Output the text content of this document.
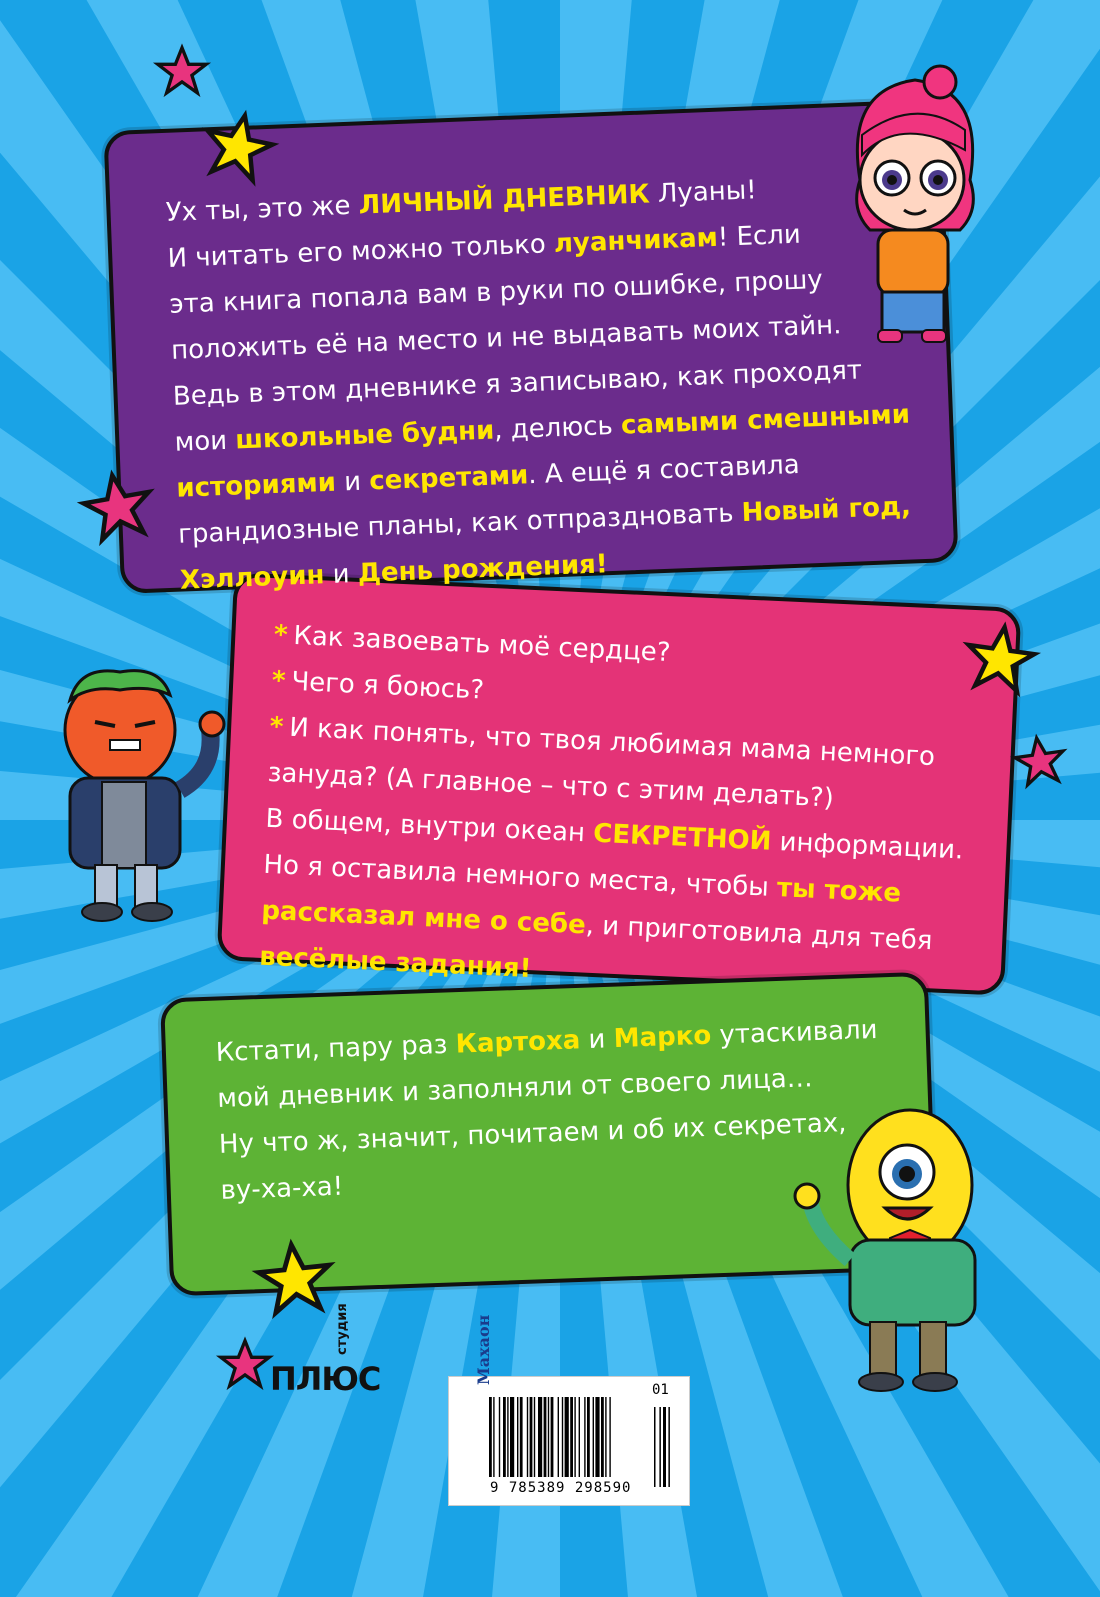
Ух ты, это же ЛИЧНЫЙ ДНЕВНИК Луаны!
И читать его можно только луанчикам! Если
эта книга попала вам в руки по ошибке, прошу
положить её на место и не выдавать моих тайн.
Ведь в этом дневнике я записываю, как проходят
мои школьные будни, делюсь самыми смешными
историями и секретами. А ещё я составила
грандиозные планы, как отпраздновать Новый год,
Хэллоуин и День рождения!
* Как завоевать моё сердце?
* Чего я боюсь?
* И как понять, что твоя любимая мама немного
зануда? (А главное – что с этим делать?)
В общем, внутри океан СЕКРЕТНОЙ информации.
Но я оставила немного места, чтобы ты тоже
рассказал мне о себе, и приготовила для тебя
весёлые задания!
Кстати, пару раз Картоха и Марко утаскивали
мой дневник и заполняли от своего лица…
Ну что ж, значит, почитаем и об их секретах,
ву-ха-ха!
ПЛЮС
студия
9 785389 298590
01
